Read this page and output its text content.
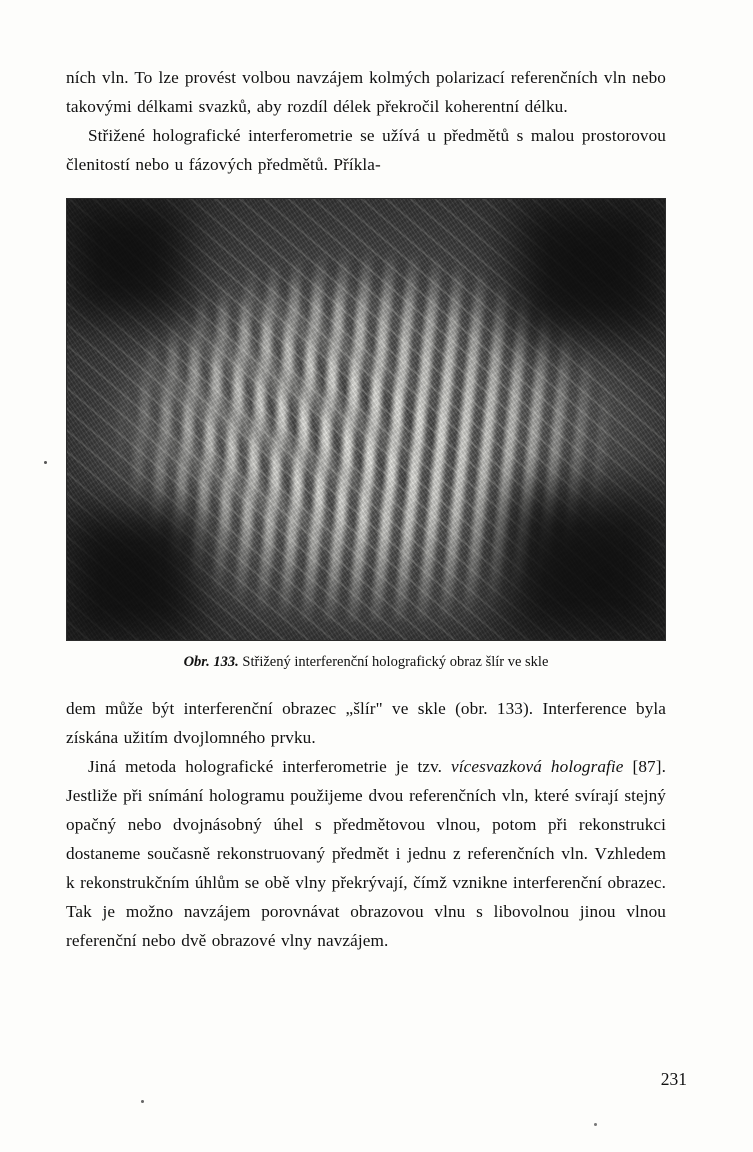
ních vln. To lze provést volbou navzájem kolmých polarizací referenčních vln nebo takovými délkami svazků, aby rozdíl délek překročil koherentní délku.

Střižené holografické interferometrie se užívá u předmětů s malou prostorovou členitostí nebo u fázových předmětů. Příkla-

Obr. 133. Střižený interferenční holografický obraz šlír ve skle

dem může být interferenční obrazec „šlír" ve skle (obr. 133). Interference byla získána užitím dvojlomného prvku.

Jiná metoda holografické interferometrie je tzv. vícesvazková holografie [87]. Jestliže při snímání hologramu použijeme dvou referenčních vln, které svírají stejný opačný nebo dvojnásobný úhel s předmětovou vlnou, potom při rekonstrukci dostaneme současně rekonstruovaný předmět i jednu z referenčních vln. Vzhledem k rekonstrukčním úhlům se obě vlny překrývají, čímž vznikne interferenční obrazec. Tak je možno navzájem porovnávat obrazovou vlnu s libovolnou jinou vlnou referenční nebo dvě obrazové vlny navzájem.

231
